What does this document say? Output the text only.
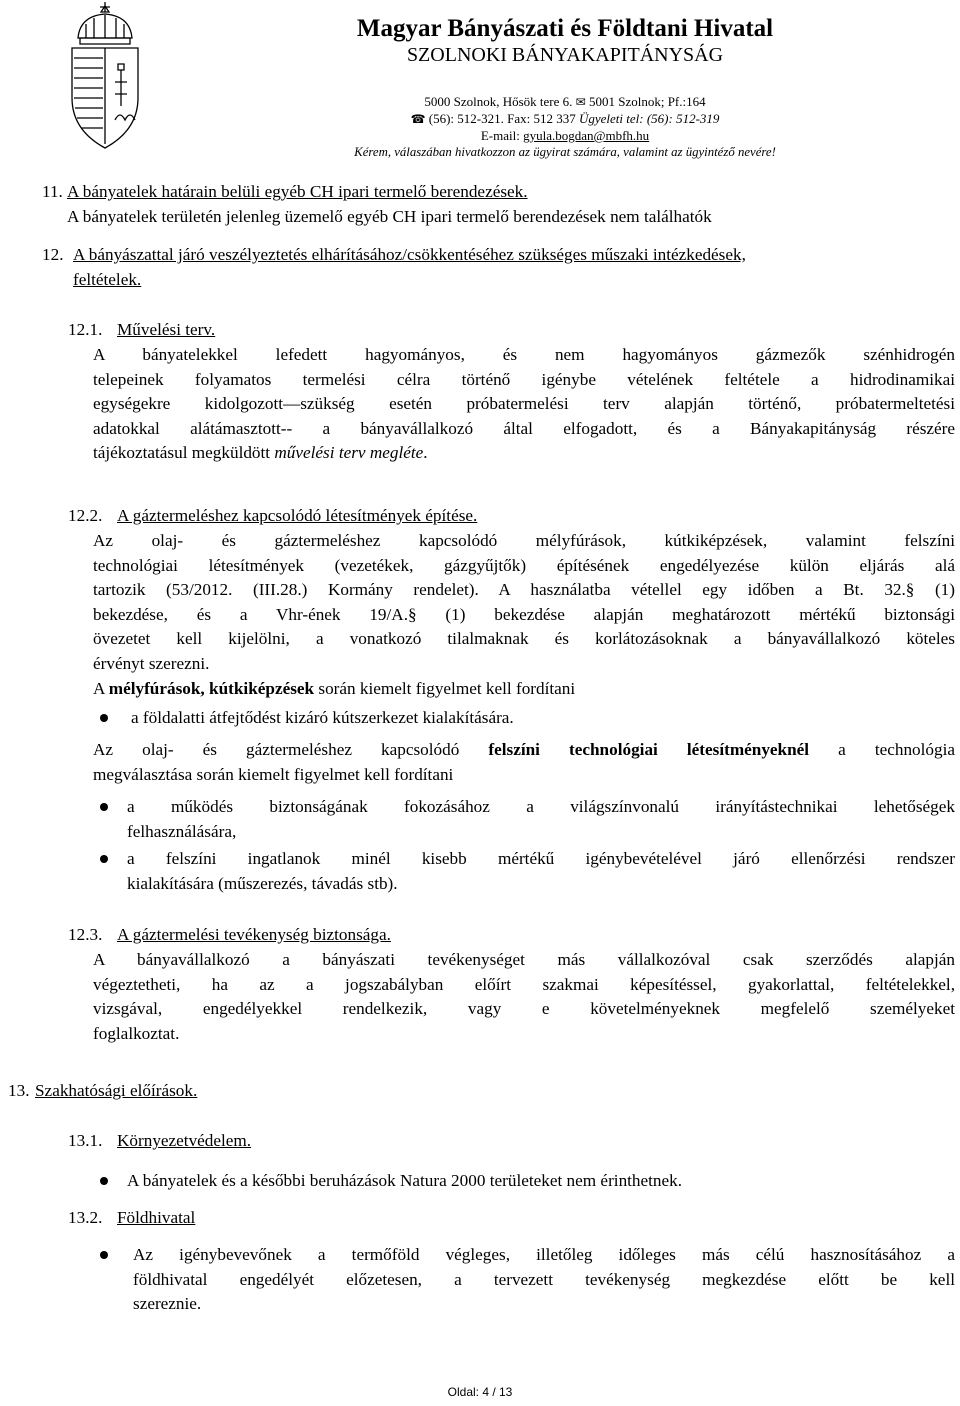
Magyar Bányászati és Földtani Hivatal
SZOLNOKI BÁNYAKAPITÁNYSÁG
5000 Szolnok, Hősök tere 6. ✉ 5001 Szolnok; Pf.:164
☎ (56): 512-321. Fax: 512 337 Ügyeleti tel: (56): 512-319
E-mail: gyula.bogdan@mbfh.hu
Kérem, válaszában hivatkozzon az ügyirat számára, valamint az ügyintéző nevére!
11. A bányatelek határain belüli egyéb CH ipari termelő berendezések.
A bányatelek területén jelenleg üzemelő egyéb CH ipari termelő berendezések nem találhatók
12. A bányászattal járó veszélyeztetés elhárításához/csökkentéséhez szükséges műszaki intézkedések,
feltételek.
12.1. Művelési terv.
A bányatelekkel lefedett hagyományos, és nem hagyományos gázmezők szénhidrogén
telepeinek folyamatos termelési célra történő igénybe vételének feltétele a hidrodinamikai
egységekre kidolgozott—szükség esetén próbatermelési terv alapján történő, próbatermeltetési
adatokkal alátámasztott-- a bányavállalkozó által elfogadott, és a Bányakapitányság részére
tájékoztatásul megküldött művelési terv megléte.
12.2. A gáztermeléshez kapcsolódó létesítmények építése.
Az olaj- és gáztermeléshez kapcsolódó mélyfúrások, kútkiképzések, valamint felszíni
technológiai létesítmények (vezetékek, gázgyűjtők) építésének engedélyezése külön eljárás alá
tartozik (53/2012. (III.28.) Kormány rendelet). A használatba vétellel egy időben a Bt. 32.§ (1)
bekezdése, és a Vhr-ének 19/A.§ (1) bekezdése alapján meghatározott mértékű biztonsági
övezetet kell kijelölni, a vonatkozó tilalmaknak és korlátozásoknak a bányavállalkozó köteles
érvényt szerezni.
A mélyfúrások, kútkiképzések során kiemelt figyelmet kell fordítani
a földalatti átfejtődést kizáró kútszerkezet kialakítására.
Az olaj- és gáztermeléshez kapcsolódó felszíni technológiai létesítményeknél a technológia
megválasztása során kiemelt figyelmet kell fordítani
a működés biztonságának fokozásához a világszínvonalú irányítástechnikai lehetőségek
felhasználására,
a felszíni ingatlanok minél kisebb mértékű igénybevételével járó ellenőrzési rendszer
kialakítására (műszerezés, távadás stb).
12.3. A gáztermelési tevékenység biztonsága.
A bányavállalkozó a bányászati tevékenységet más vállalkozóval csak szerződés alapján
végeztetheti, ha az a jogszabályban előírt szakmai képesítéssel, gyakorlattal, feltételekkel,
vizsgával, engedélyekkel rendelkezik, vagy e követelményeknek megfelelő személyeket
foglalkoztat.
13. Szakhatósági előírások.
13.1. Környezetvédelem.
A bányatelek és a későbbi beruházások Natura 2000 területeket nem érinthetnek.
13.2. Földhivatal
Az igénybevevőnek a termőföld végleges, illetőleg időleges más célú hasznosításához a
földhivatal engedélyét előzetesen, a tervezett tevékenység megkezdése előtt be kell
szereznie.
Oldal: 4 / 13
